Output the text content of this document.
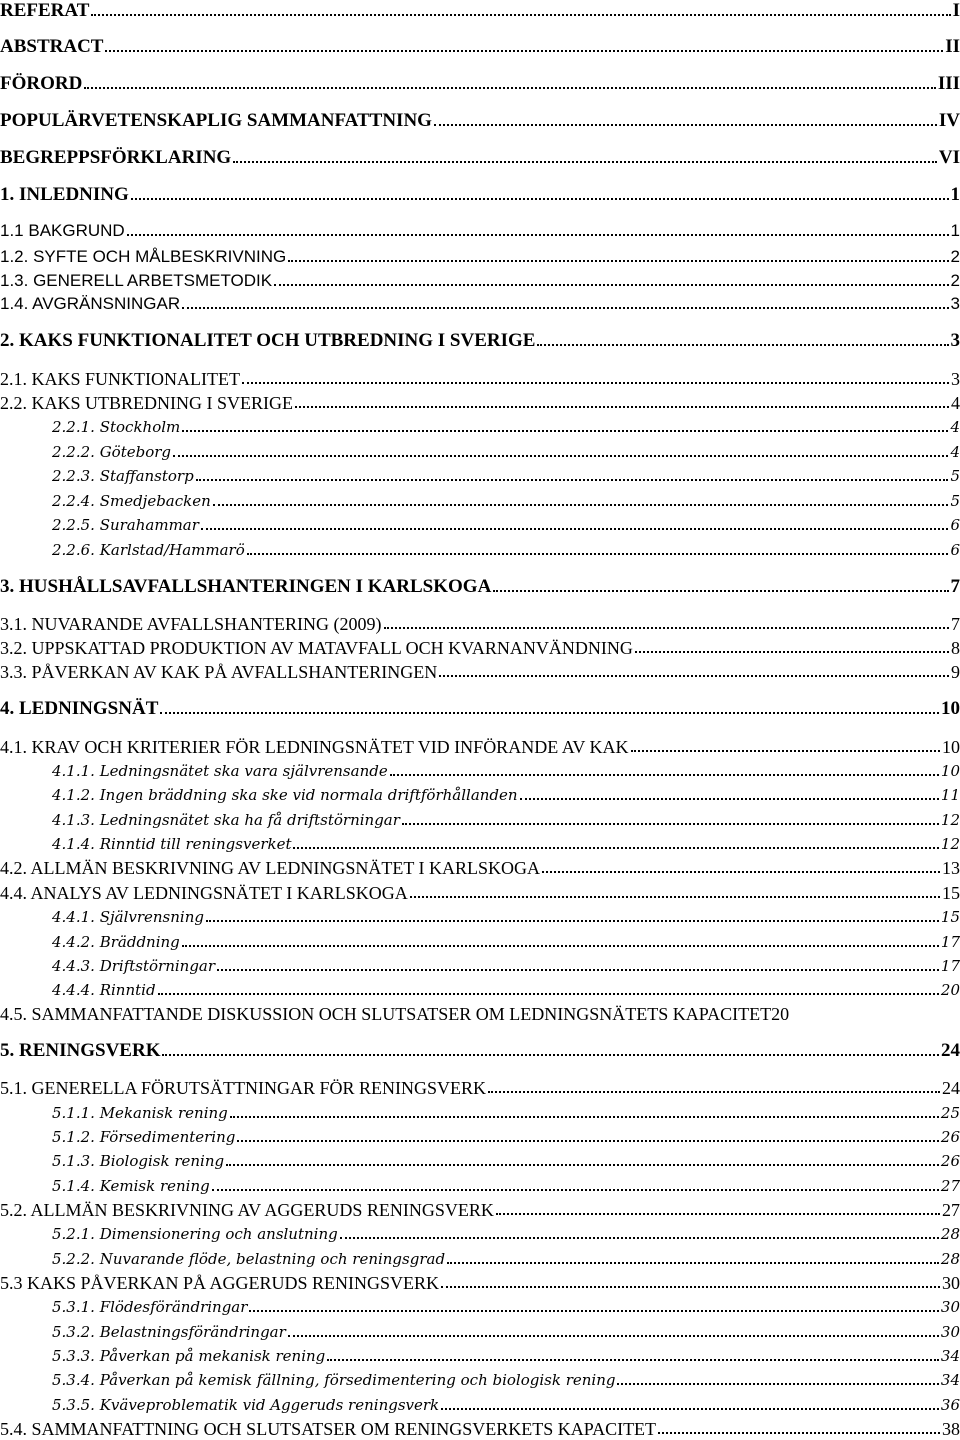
REFERAT	I
ABSTRACT	II
FÖRORD	III
POPULÄRVETENSKAPLIG SAMMANFATTNING	IV
BEGREPPSFÖRKLARING	VI
1. INLEDNING	1
1.1 BAKGRUND	1
1.2. SYFTE OCH MÅLBESKRIVNING	2
1.3. GENERELL ARBETSMETODIK	2
1.4. AVGRÄNSNINGAR	3
2. KAKS FUNKTIONALITET OCH UTBREDNING I SVERIGE	3
2.1. KAKS FUNKTIONALITET	3
2.2. KAKS UTBREDNING I SVERIGE	4
2.2.1. Stockholm	4
2.2.2. Göteborg	4
2.2.3. Staffanstorp	5
2.2.4. Smedjebacken	5
2.2.5. Surahammar	6
2.2.6. Karlstad/Hammarö	6
3. HUSHÅLLSAVFALLSHANTERINGEN I KARLSKOGA	7
3.1. NUVARANDE AVFALLSHANTERING (2009)	7
3.2. UPPSKATTAD PRODUKTION AV MATAVFALL OCH KVARNANVÄNDNING	8
3.3. PÅVERKAN AV KAK PÅ AVFALLSHANTERINGEN	9
4. LEDNINGSNÄT	10
4.1. KRAV OCH KRITERIER FÖR LEDNINGSNÄTET VID INFÖRANDE AV KAK	10
4.1.1. Ledningsnätet ska vara självrensande	10
4.1.2. Ingen bräddning ska ske vid normala driftförhållanden	11
4.1.3. Ledningsnätet ska ha få driftstörningar	12
4.1.4. Rinntid till reningsverket	12
4.2. ALLMÄN BESKRIVNING AV LEDNINGSNÄTET I KARLSKOGA	13
4.4. ANALYS AV LEDNINGSNÄTET I KARLSKOGA	15
4.4.1. Självrensning	15
4.4.2. Bräddning	17
4.4.3. Driftstörningar	17
4.4.4. Rinntid	20
4.5. SAMMANFATTANDE DISKUSSION OCH SLUTSATSER OM LEDNINGSNÄTETS KAPACITET 20
5. RENINGSVERK	24
5.1. GENERELLA FÖRUTSÄTTNINGAR FÖR RENINGSVERK	24
5.1.1. Mekanisk rening	25
5.1.2. Försedimentering	26
5.1.3. Biologisk rening	26
5.1.4. Kemisk rening	27
5.2. ALLMÄN BESKRIVNING AV AGGERUDS RENINGSVERK	27
5.2.1. Dimensionering och anslutning	28
5.2.2. Nuvarande flöde, belastning och reningsgrad	28
5.3 KAKS PÅVERKAN PÅ AGGERUDS RENINGSVERK	30
5.3.1. Flödesförändringar	30
5.3.2. Belastningsförändringar	30
5.3.3. Påverkan på mekanisk rening	34
5.3.4. Påverkan på kemisk fällning, försedimentering och biologisk rening	34
5.3.5. Kväveproblematik vid Aggeruds reningsverk	36
5.4. SAMMANFATTNING OCH SLUTSATSER OM RENINGSVERKETS KAPACITET	38
